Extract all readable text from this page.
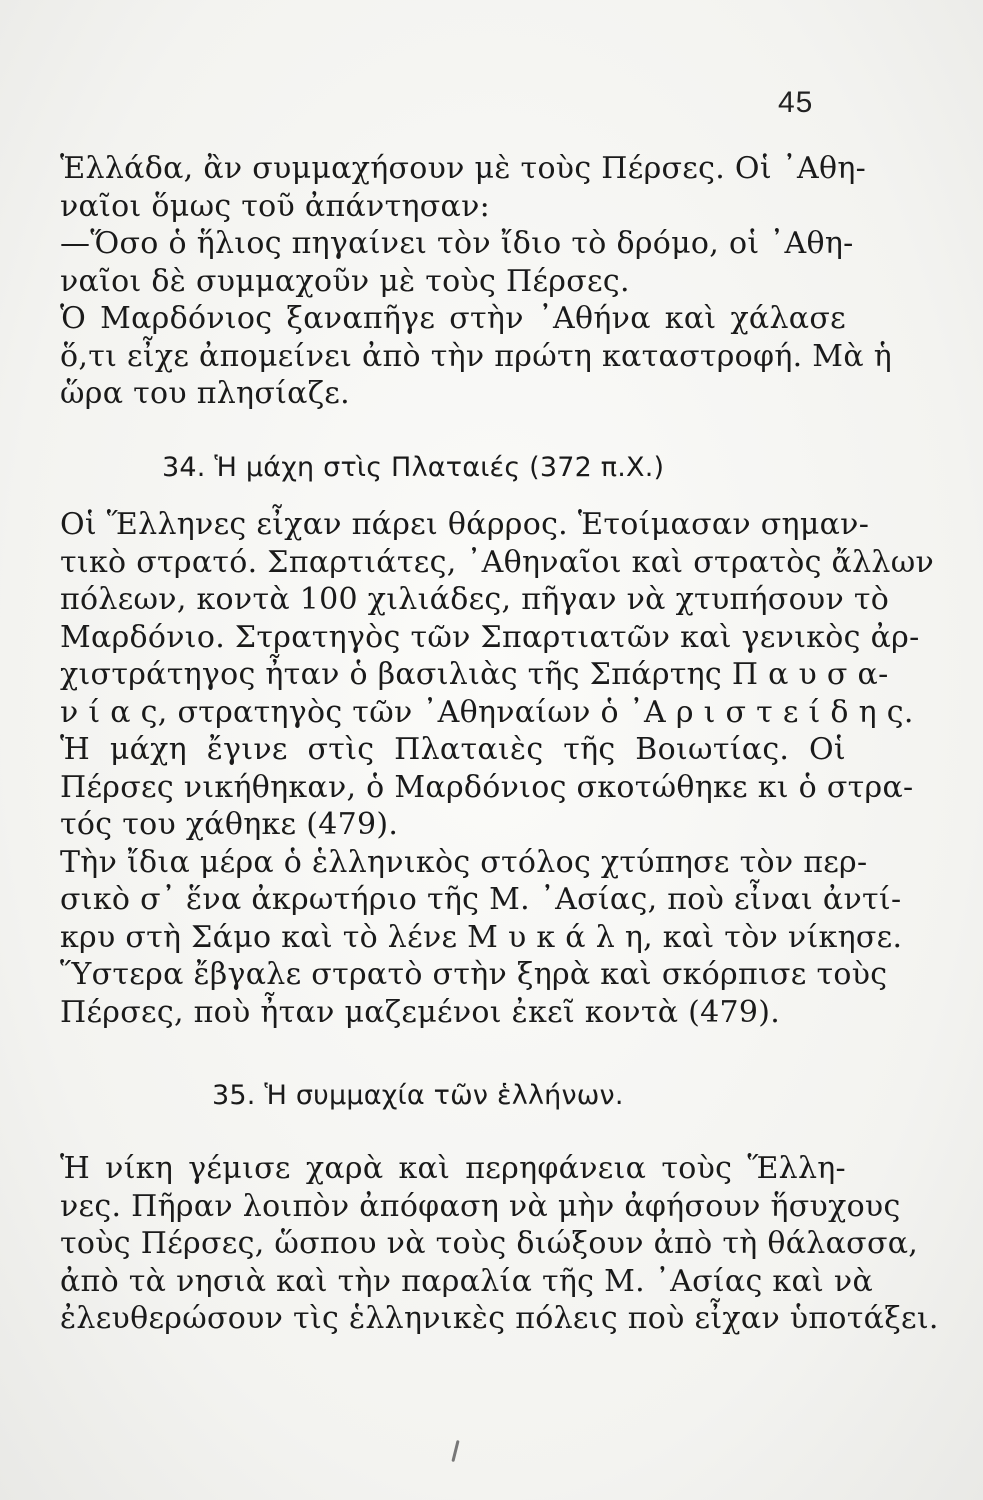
45
Ἑλλάδα, ἂν συμμαχήσουν μὲ τοὺς Πέρσες. Οἱ ᾿Αθη-
ναῖοι ὅμως τοῦ ἀπάντησαν:
—Ὅσο ὁ ἥλιος πηγαίνει τὸν ἴδιο τὸ δρόμο, οἱ ᾿Αθη-
ναῖοι δὲ συμμαχοῦν μὲ τοὺς Πέρσες.
Ὁ Μαρδόνιος ξαναπῆγε στὴν ᾿Αθήνα καὶ χάλασε
ὅ,τι εἶχε ἀπομείνει ἀπὸ τὴν πρώτη καταστροφή. Μὰ ἡ
ὥρα του πλησίαζε.
34. Ἡ μάχη στὶς Πλαταιές (372 π.Χ.)
Οἱ Ἕλληνες εἶχαν πάρει θάρρος. Ἑτοίμασαν σημαν-
τικὸ στρατό. Σπαρτιάτες, ᾿Αθηναῖοι καὶ στρατὸς ἄλλων
πόλεων, κοντὰ 100 χιλιάδες, πῆγαν νὰ χτυπήσουν τὸ
Μαρδόνιο. Στρατηγὸς τῶν Σπαρτιατῶν καὶ γενικὸς ἀρ-
χιστράτηγος ἦταν ὁ βασιλιὰς τῆς Σπάρτης Π α υ σ α-
ν ί α ς, στρατηγὸς τῶν ᾿Αθηναίων ὁ ᾿Α ρ ι σ τ ε ί δ η ς.
Ἡ μάχη ἔγινε στὶς Πλαταιὲς τῆς Βοιωτίας. Οἱ
Πέρσες νικήθηκαν, ὁ Μαρδόνιος σκοτώθηκε κι ὁ στρα-
τός του χάθηκε (479).
Τὴν ἴδια μέρα ὁ ἑλληνικὸς στόλος χτύπησε τὸν περ-
σικὸ σ᾿ ἕνα ἀκρωτήριο τῆς Μ. ᾿Ασίας, ποὺ εἶναι ἀντί-
κρυ στὴ Σάμο καὶ τὸ λένε Μ υ κ ά λ η, καὶ τὸν νίκησε.
Ὕστερα ἔβγαλε στρατὸ στὴν ξηρὰ καὶ σκόρπισε τοὺς
Πέρσες, ποὺ ἦταν μαζεμένοι ἐκεῖ κοντὰ (479).
35. Ἡ συμμαχία τῶν ἑλλήνων.
Ἡ νίκη γέμισε χαρὰ καὶ περηφάνεια τοὺς Ἕλλη-
νες. Πῆραν λοιπὸν ἀπόφαση νὰ μὴν ἀφήσουν ἥσυχους
τοὺς Πέρσες, ὥσπου νὰ τοὺς διώξουν ἀπὸ τὴ θάλασσα,
ἀπὸ τὰ νησιὰ καὶ τὴν παραλία τῆς Μ. ᾿Ασίας καὶ νὰ
ἐλευθερώσουν τὶς ἑλληνικὲς πόλεις ποὺ εἶχαν ὑποτάξει.
